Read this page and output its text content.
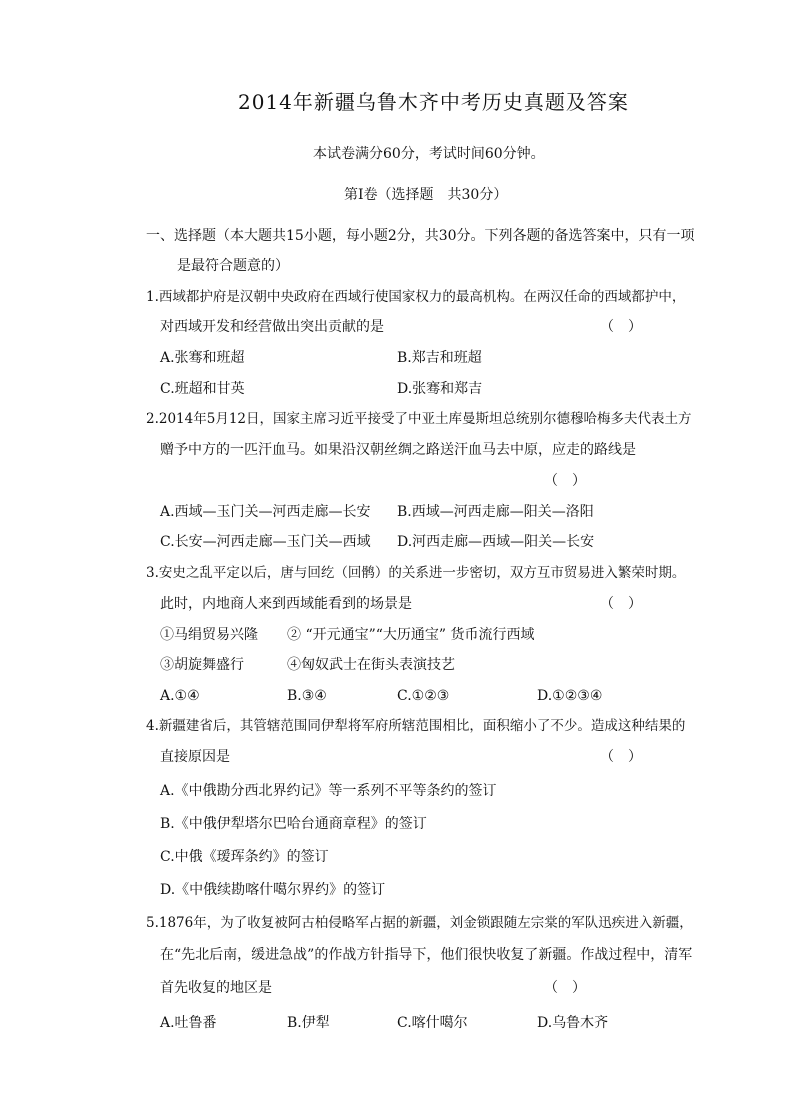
2014年新疆乌鲁木齐中考历史真题及答案
本试卷满分60分，考试时间60分钟。
第Ⅰ卷（选择题　共30分）
一、选择题（本大题共15小题，每小题2分，共30分。下列各题的备选答案中，只有一项
是最符合题意的）
1.西域都护府是汉朝中央政府在西域行使国家权力的最高机构。在两汉任命的西域都护中，
对西域开发和经营做出突出贡献的是	（　）
A.张骞和班超	B.郑吉和班超
C.班超和甘英	D.张骞和郑吉
2.2014年5月12日，国家主席习近平接受了中亚土库曼斯坦总统别尔德穆哈梅多夫代表土方
赠予中方的一匹汗血马。如果沿汉朝丝绸之路送汗血马去中原，应走的路线是
（　）
A.西域—玉门关—河西走廊—长安 B.西域—河西走廊—阳关—洛阳
C.长安—河西走廊—玉门关—西域 D.河西走廊—西域—阳关—长安
3.安史之乱平定以后，唐与回纥（回鹘）的关系进一步密切，双方互市贸易进入繁荣时期。
此时，内地商人来到西域能看到的场景是	（　）
①马绢贸易兴隆 ② “开元通宝”“大历通宝” 货币流行西域
③胡旋舞盛行	④匈奴武士在街头表演技艺
A.①④	B.③④	C.①②③	D.①②③④
4.新疆建省后，其管辖范围同伊犁将军府所辖范围相比，面积缩小了不少。造成这种结果的
直接原因是	（　）
A.《中俄勘分西北界约记》等一系列不平等条约的签订
B.《中俄伊犁塔尔巴哈台通商章程》的签订
C.中俄《瑷珲条约》的签订
D.《中俄续勘喀什噶尔界约》的签订
5.1876年，为了收复被阿古柏侵略军占据的新疆，刘金锁跟随左宗棠的军队迅疾进入新疆，
在“先北后南，缓进急战”的作战方针指导下，他们很快收复了新疆。作战过程中，清军
首先收复的地区是	（　）
A.吐鲁番	B.伊犁	C.喀什噶尔	D.乌鲁木齐
